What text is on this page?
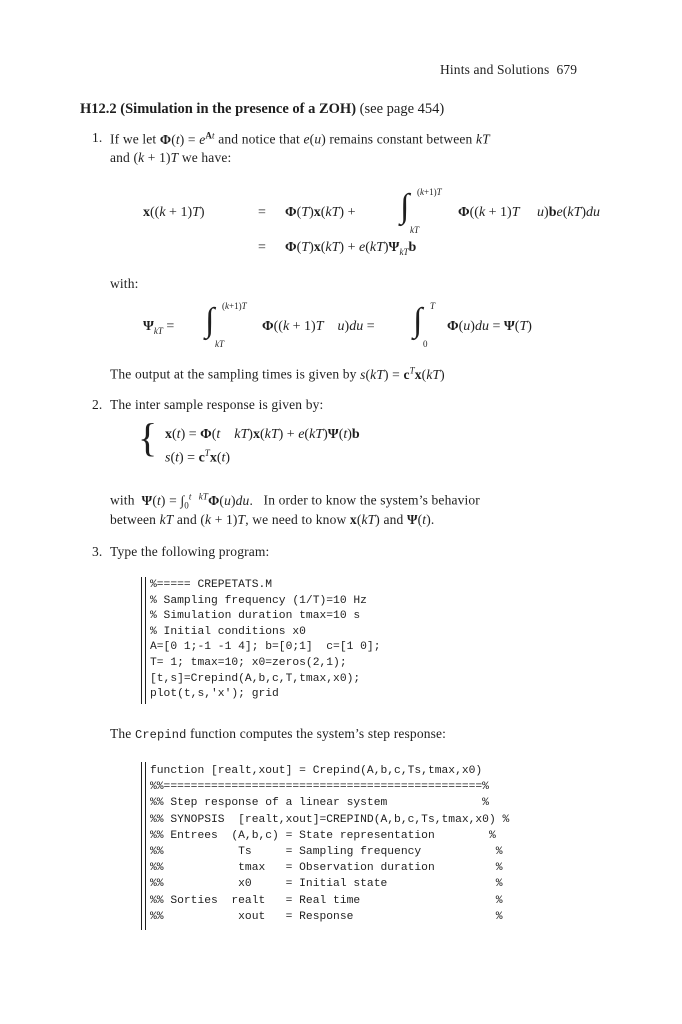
Hints and Solutions 679
H12.2 (Simulation in the presence of a ZOH) (see page 454)
1. If we let $\Phi(t) = e^{At}$ and notice that e(u) remains constant between kT
and (k + 1)T we have:
x((k + 1)T)	= Φ(T)x(kT) + ∫ (k+1)T
kT
Φ((k + 1)T u)be(kT)du
= $\Phi(T)x(kT) + e(kT)\Psi_{kT}b$
with:
$\Psi_{kT}$ = ∫ (k+1)T
kT
Φ((k + 1)T u)du = ∫ T
0
Φ(u)du = Ψ(T)
The output at the sampling times is given by $s(kT) = c^Tx(kT)$
2. The inter sample response is given by:
{ x(t) = Φ(t kT)x(kT) + e(kT)Ψ(t)b
$s(t) = c^Tx(t)$
with $\Psi(t) = \int_0^{t kT}\Phi(u)du$. In order to know the system’s behavior
between kT and (k + 1)T, we need to know x(kT) and Ψ(t).
3. Type the following program:
%===== CREPETATS.M
% Sampling frequency (1/T)=10 Hz
% Simulation duration tmax=10 s
% Initial conditions x0
A=[0 1;-1 -1 4]; b=[0;1]  c=[1 0];
T= 1; tmax=10; x0=zeros(2,1);
[t,s]=Crepind(A,b,c,T,tmax,x0);
plot(t,s,'x'); grid
The Crepind function computes the system’s step response:
function [realt,xout] = Crepind(A,b,c,Ts,tmax,x0)
%%===============================================%
%% Step response of a linear system              %
%% SYNOPSIS  [realt,xout]=CREPIND(A,b,c,Ts,tmax,x0) %
%% Entrees  (A,b,c) = State representation        %
%%           Ts     = Sampling frequency           %
%%           tmax   = Observation duration         %
%%           x0     = Initial state                %
%% Sorties  realt   = Real time                    %
%%           xout   = Response                     %
